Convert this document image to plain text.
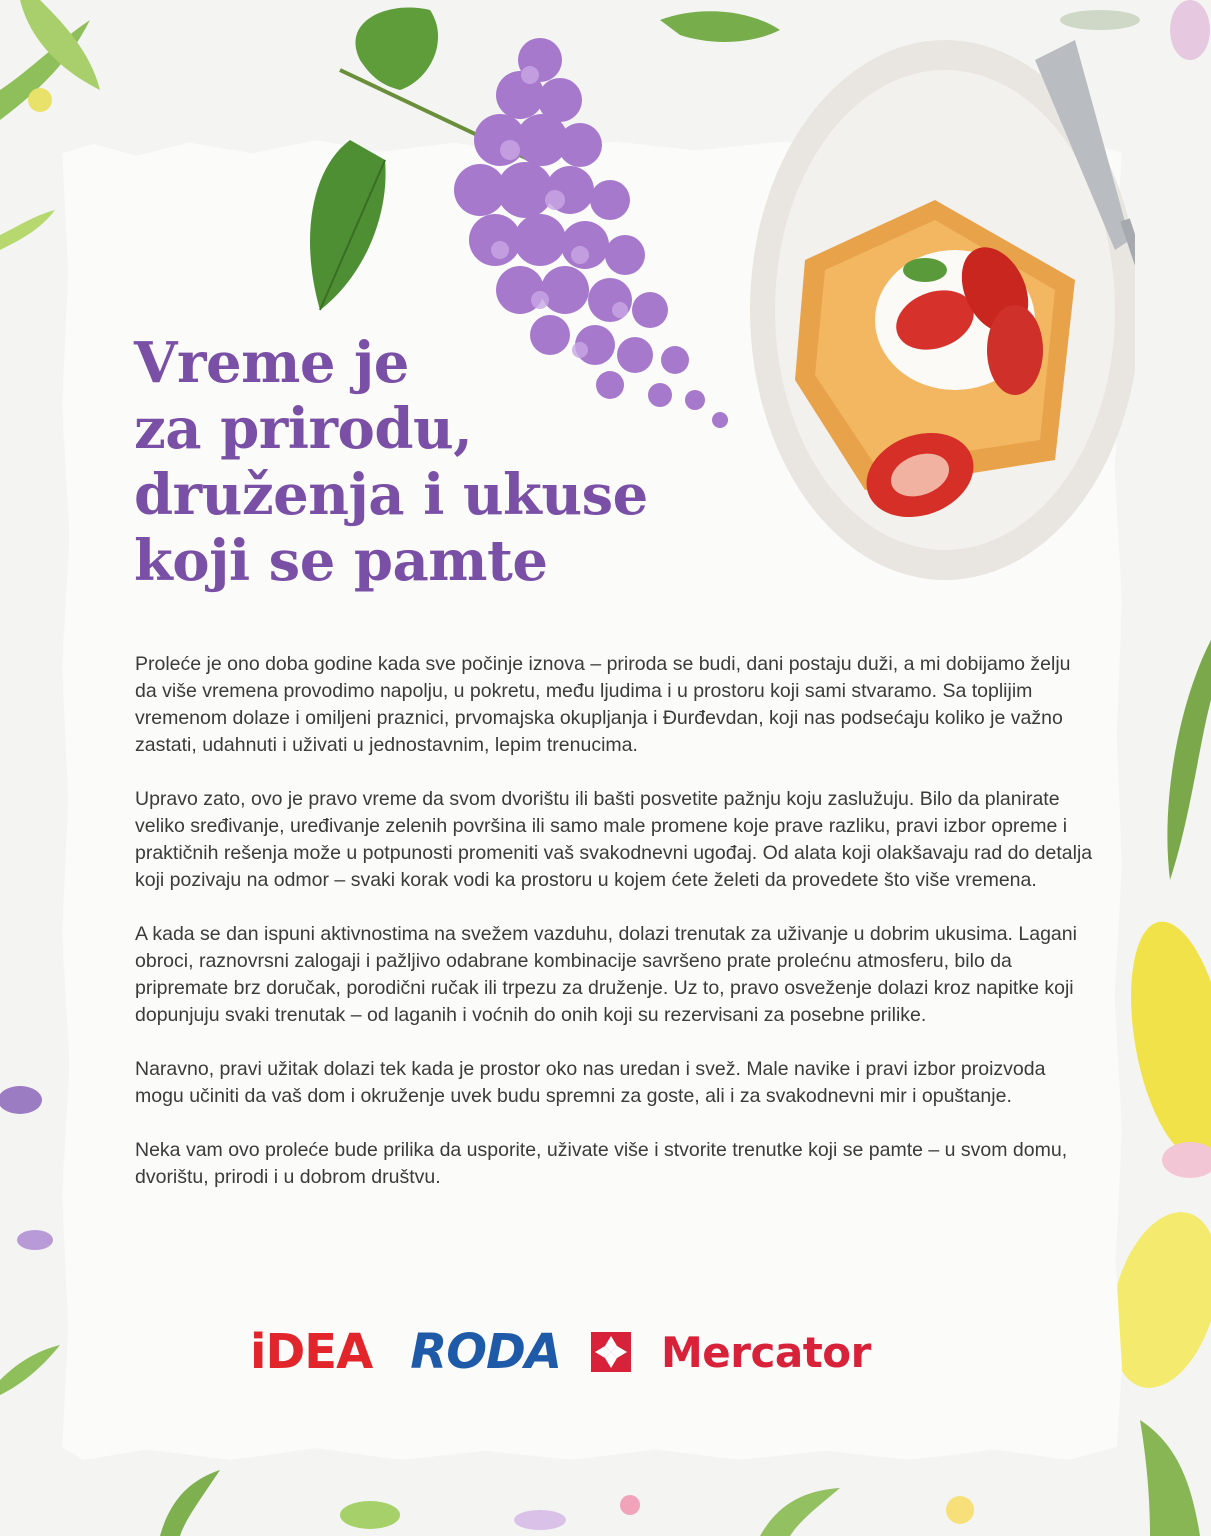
Vreme je
za prirodu,
druženja i ukuse
koji se pamte

Proleće je ono doba godine kada sve počinje iznova – priroda se budi, dani postaju duži, a mi dobijamo želju da više vremena provodimo napolju, u pokretu, među ljudima i u prostoru koji sami stvaramo. Sa toplijim vremenom dolaze i omiljeni praznici, prvomajska okupljanja i Đurđevdan, koji nas podsećaju koliko je važno zastati, udahnuti i uživati u jednostavnim, lepim trenucima.

Upravo zato, ovo je pravo vreme da svom dvorištu ili bašti posvetite pažnju koju zaslužuju. Bilo da planirate veliko sređivanje, uređivanje zelenih površina ili samo male promene koje prave razliku, pravi izbor opreme i praktičnih rešenja može u potpunosti promeniti vaš svakodnevni ugođaj. Od alata koji olakšavaju rad do detalja koji pozivaju na odmor – svaki korak vodi ka prostoru u kojem ćete želeti da provedete što više vremena.

A kada se dan ispuni aktivnostima na svežem vazduhu, dolazi trenutak za uživanje u dobrim ukusima. Lagani obroci, raznovrsni zalogaji i pažljivo odabrane kombinacije savršeno prate prolećnu atmosferu, bilo da pripremate brz doručak, porodični ručak ili trpezu za druženje. Uz to, pravo osveženje dolazi kroz napitke koji dopunjuju svaki trenutak – od laganih i voćnih do onih koji su rezervisani za posebne prilike.

Naravno, pravi užitak dolazi tek kada je prostor oko nas uredan i svež. Male navike i pravi izbor proizvoda mogu učiniti da vaš dom i okruženje uvek budu spremni za goste, ali i za svakodnevni mir i opuštanje.

Neka vam ovo proleće bude prilika da usporite, uživate više i stvorite trenutke koji se pamte – u svom domu, dvorištu, prirodi i u dobrom društvu.

iDEA RODA Mercator
